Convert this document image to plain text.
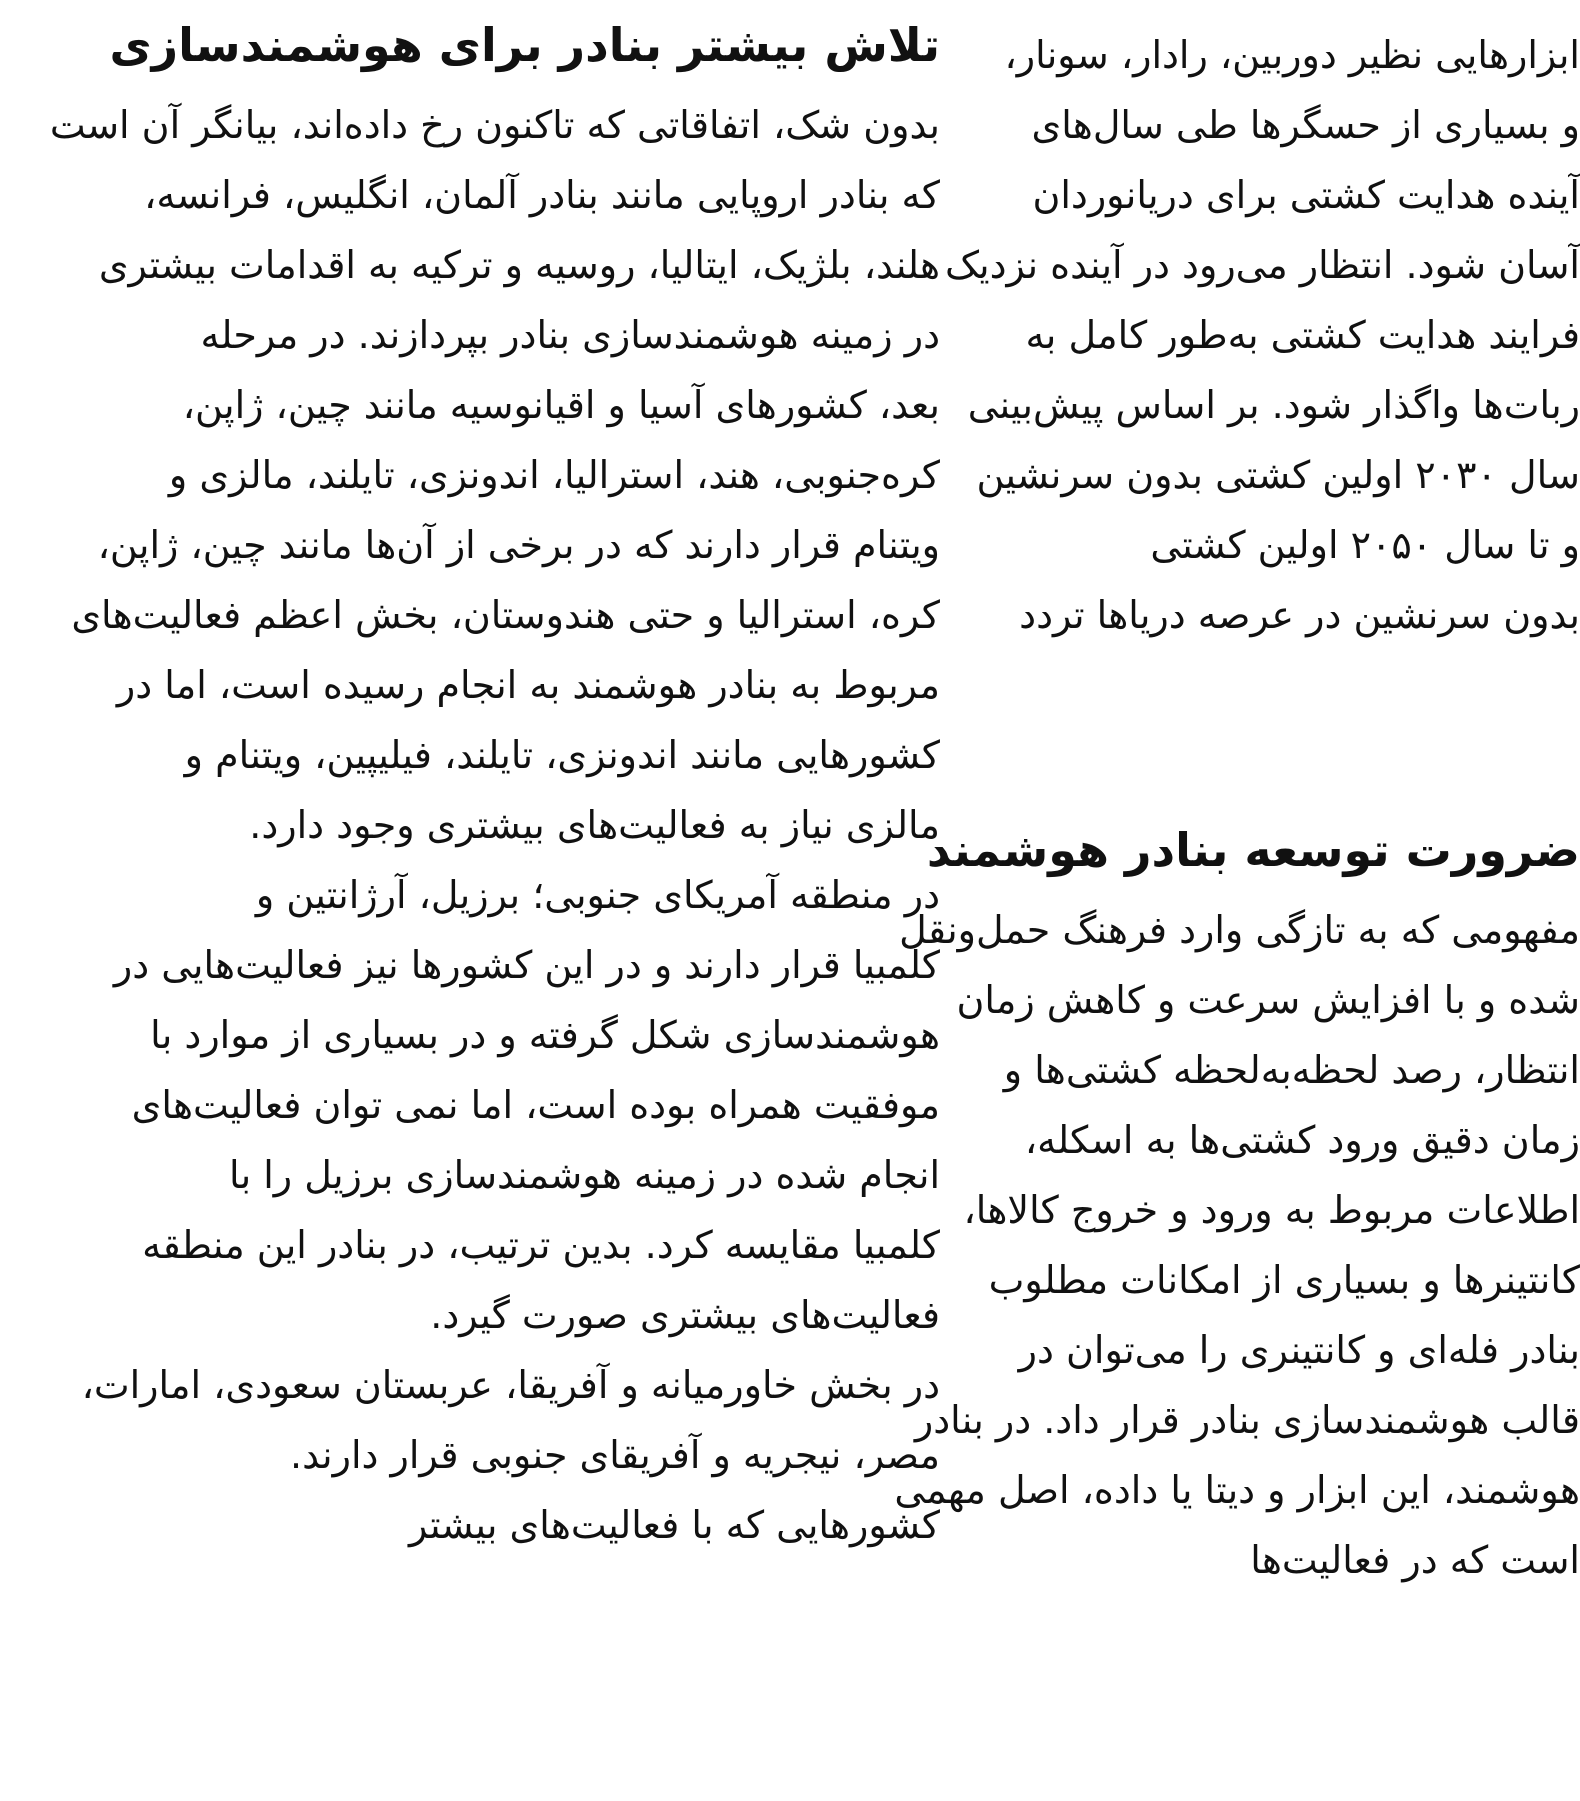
تلاش بیشتر بنادر برای هوشمندسازی
بدون شک، اتفاقاتی که تاکنون رخ داده‌اند، بیانگر آن است
که بنادر اروپایی مانند بنادر آلمان، انگلیس، فرانسه،
هلند، بلژیک، ایتالیا، روسیه و ترکیه به اقدامات بیشتری
در زمینه هوشمندسازی بنادر بپردازند. در مرحله
بعد، کشورهای آسیا و اقیانوسیه مانند چین، ژاپن،
کره‌جنوبی، هند، استرالیا، اندونزی، تایلند، مالزی و
ویتنام قرار دارند که در برخی از آن‌ها مانند چین، ژاپن،
کره، استرالیا و حتی هندوستان، بخش اعظم فعالیت‌های
مربوط به بنادر هوشمند به انجام رسیده است، اما در
کشورهایی مانند اندونزی، تایلند، فیلیپین، ویتنام و
مالزی نیاز به فعالیت‌های بیشتری وجود دارد.
در منطقه آمریکای جنوبی؛ برزیل، آرژانتین و
کلمبیا قرار دارند و در این کشورها نیز فعالیت‌هایی در
هوشمندسازی شکل گرفته و در بسیاری از موارد با
موفقیت همراه بوده است، اما نمی توان فعالیت‌های
انجام شده در زمینه هوشمندسازی برزیل را با
کلمبیا مقایسه کرد. بدین ترتیب، در بنادر این منطقه
فعالیت‌های بیشتری صورت گیرد.
در بخش خاورمیانه و آفریقا، عربستان سعودی، امارات،
مصر، نیجریه و آفریقای جنوبی قرار دارند.
کشورهایی که با فعالیت‌های بیشتر
ابزارهایی نظیر دوربین، رادار، سونار،
و بسیاری از حسگرها طی سال‌های
آینده هدایت کشتی برای دریانوردان
آسان شود. انتظار می‌رود در آینده نزدیک
فرایند هدایت کشتی به‌طور کامل به
ربات‌ها واگذار شود. بر اساس پیش‌بینی
سال ۲۰۳۰ اولین کشتی بدون سرنشین
و تا سال ۲۰۵۰ اولین کشتی
بدون سرنشین در عرصه دریاها تردد
ضرورت توسعه بنادر هوشمند
مفهومی که به تازگی وارد فرهنگ حمل‌ونقل
شده و با افزایش سرعت و کاهش زمان
انتظار، رصد لحظه‌به‌لحظه کشتی‌ها و
زمان دقیق ورود کشتی‌ها به اسکله،
اطلاعات مربوط به ورود و خروج کالاها،
کانتینرها و بسیاری از امکانات مطلوب
بنادر فله‌ای و کانتینری را می‌توان در
قالب هوشمندسازی بنادر قرار داد. در بنادر
هوشمند، این ابزار و دیتا یا داده، اصل مهمی
است که در فعالیت‌ها
